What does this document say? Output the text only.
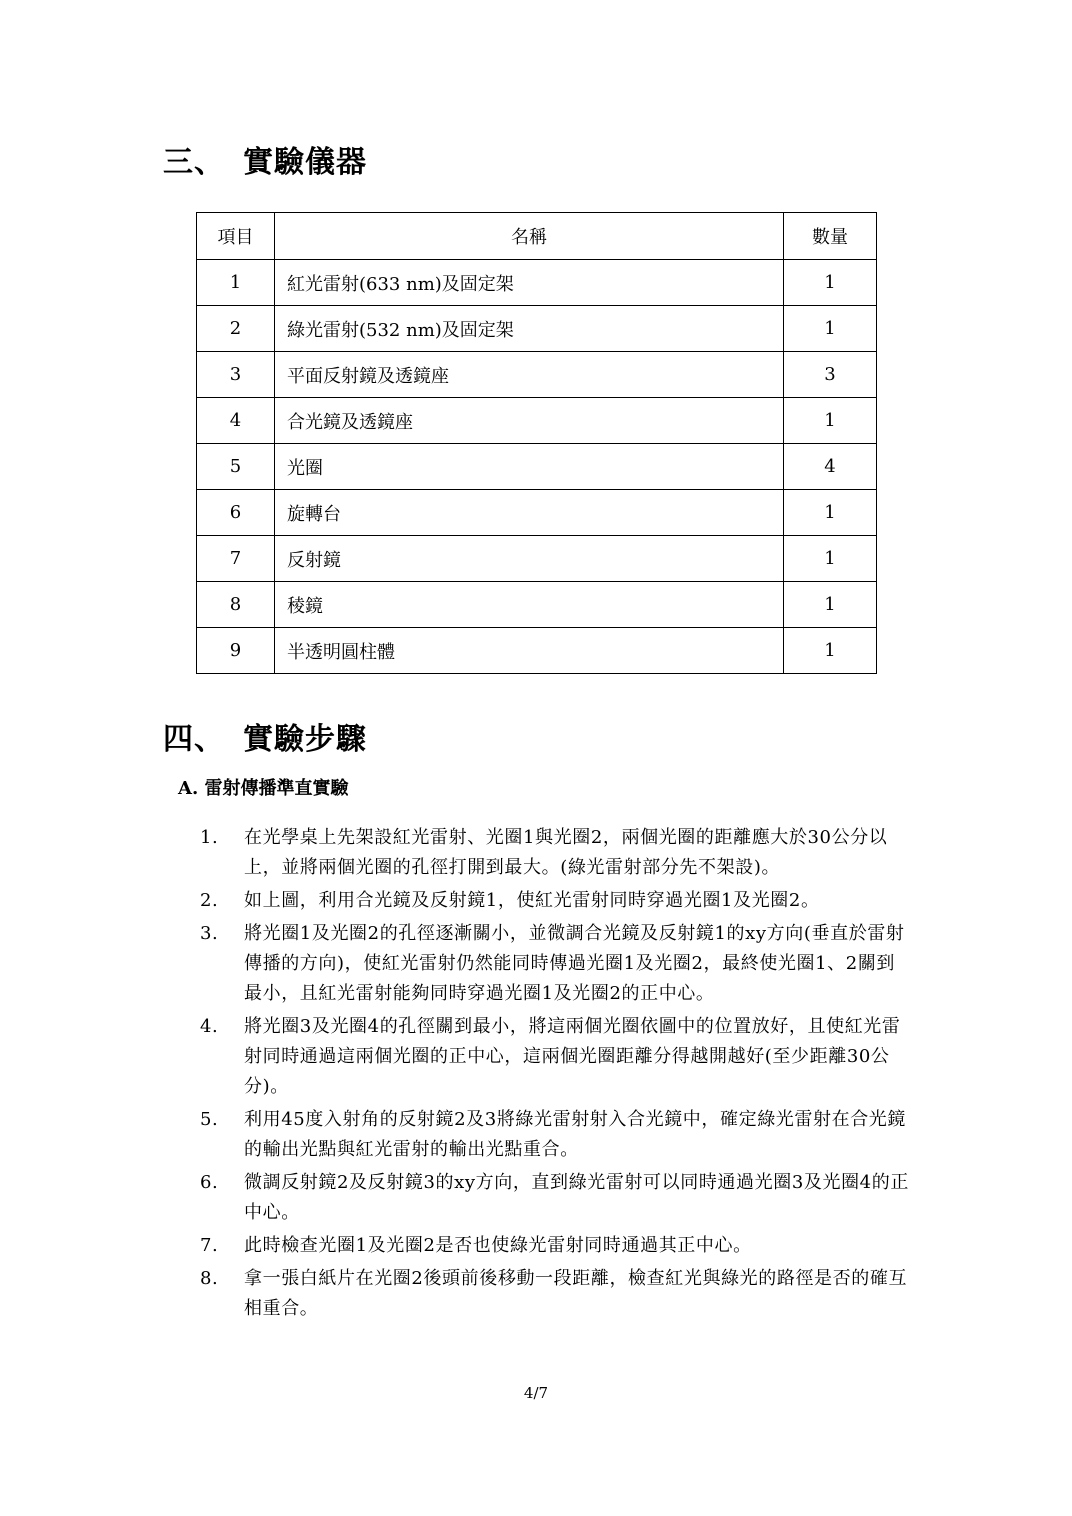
三、 實驗儀器
項目	名稱	數量
1	紅光雷射(633 nm)及固定架	1
2	綠光雷射(532 nm)及固定架	1
3	平面反射鏡及透鏡座	3
4	合光鏡及透鏡座	1
5	光圈	4
6	旋轉台	1
7	反射鏡	1
8	稜鏡	1
9	半透明圓柱體	1
四、 實驗步驟
A. 雷射傳播準直實驗
1. 在光學桌上先架設紅光雷射、光圈1與光圈2，兩個光圈的距離應大於30公分以上，並將兩個光圈的孔徑打開到最大。(綠光雷射部分先不架設)。
2. 如上圖，利用合光鏡及反射鏡1，使紅光雷射同時穿過光圈1及光圈2。
3. 將光圈1及光圈2的孔徑逐漸關小，並微調合光鏡及反射鏡1的xy方向(垂直於雷射傳播的方向)，使紅光雷射仍然能同時傳過光圈1及光圈2，最終使光圈1、2關到最小，且紅光雷射能夠同時穿過光圈1及光圈2的正中心。
4. 將光圈3及光圈4的孔徑關到最小，將這兩個光圈依圖中的位置放好，且使紅光雷射同時通過這兩個光圈的正中心，這兩個光圈距離分得越開越好(至少距離30公分)。
5. 利用45度入射角的反射鏡2及3將綠光雷射射入合光鏡中，確定綠光雷射在合光鏡的輸出光點與紅光雷射的輸出光點重合。
6. 微調反射鏡2及反射鏡3的xy方向，直到綠光雷射可以同時通過光圈3及光圈4的正中心。
7. 此時檢查光圈1及光圈2是否也使綠光雷射同時通過其正中心。
8. 拿一張白紙片在光圈2後頭前後移動一段距離，檢查紅光與綠光的路徑是否的確互相重合。
4/7
